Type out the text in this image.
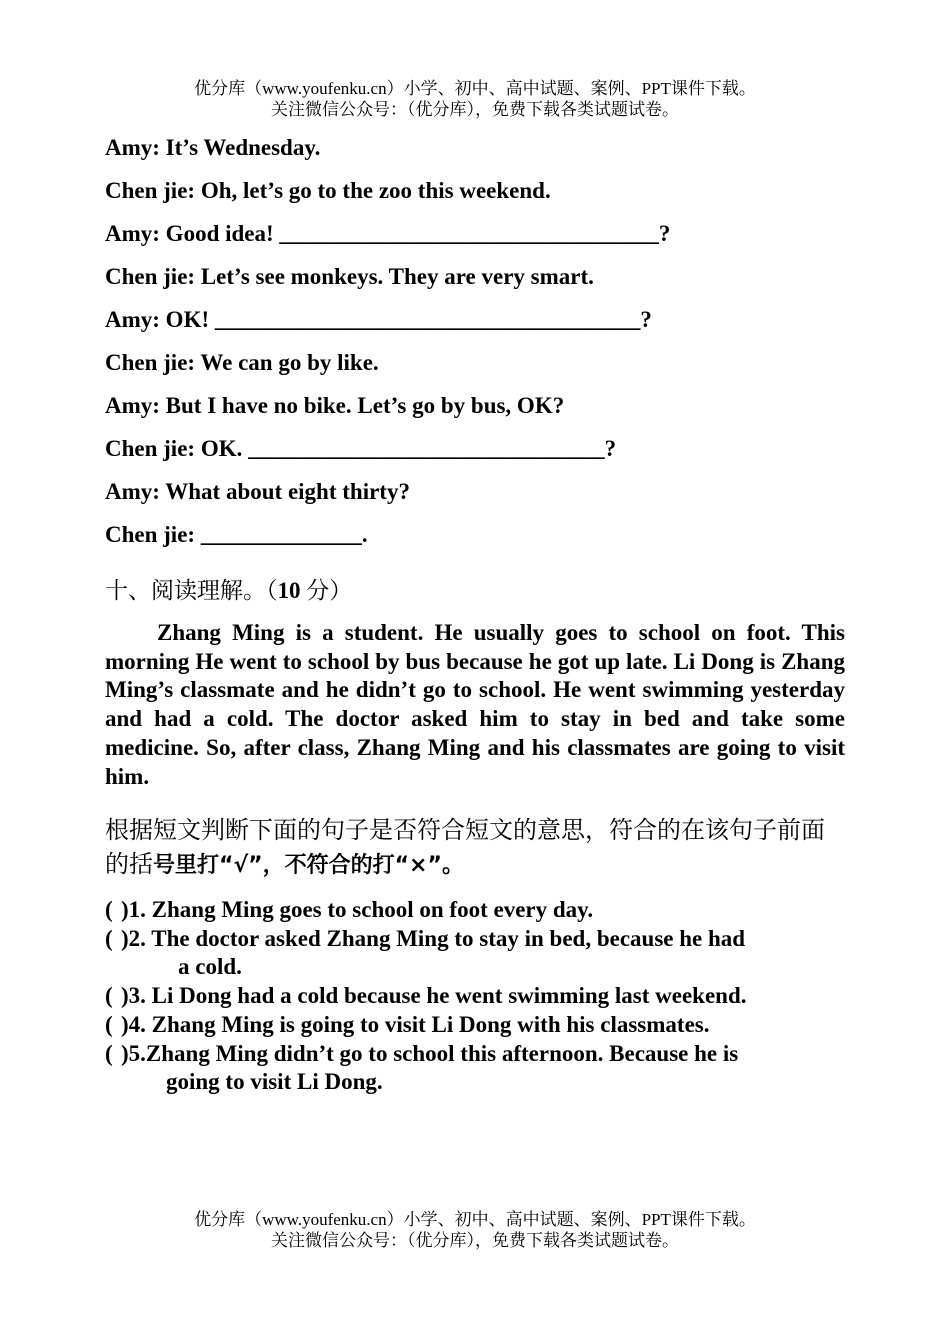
优分库（www.youfenku.cn）小学、初中、高中试题、案例、PPT课件下载。
关注微信公众号：（优分库），免费下载各类试题试卷。
Amy: It’s Wednesday.
Chen jie: Oh, let’s go to the zoo this weekend.
Amy: Good idea! _________________________________?
Chen jie: Let’s see monkeys. They are very smart.
Amy: OK! _____________________________________?
Chen jie: We can go by like.
Amy: But I have no bike. Let’s go by bus, OK?
Chen jie: OK. _______________________________?
Amy: What about eight thirty?
Chen jie: ______________.
十、阅读理解。（10 分）

Zhang Ming is a student. He usually goes to school on foot. This morning He went to school by bus because he got up late. Li Dong is Zhang Ming’s classmate and he didn’t go to school. He went swimming yesterday and had a cold. The doctor asked him to stay in bed and take some medicine. So, after class, Zhang Ming and his classmates are going to visit him.

根据短文判断下面的句子是否符合短文的意思，符合的在该句子前面的括号里打“√”，不符合的打“×”。

( )1. Zhang Ming goes to school on foot every day.
( )2. The doctor asked Zhang Ming to stay in bed, because he had
a cold.
( )3. Li Dong had a cold because he went swimming last weekend.
( )4. Zhang Ming is going to visit Li Dong with his classmates.
( )5.Zhang Ming didn’t go to school this afternoon. Because he is
going to visit Li Dong.
优分库（www.youfenku.cn）小学、初中、高中试题、案例、PPT课件下载。
关注微信公众号：（优分库），免费下载各类试题试卷。
